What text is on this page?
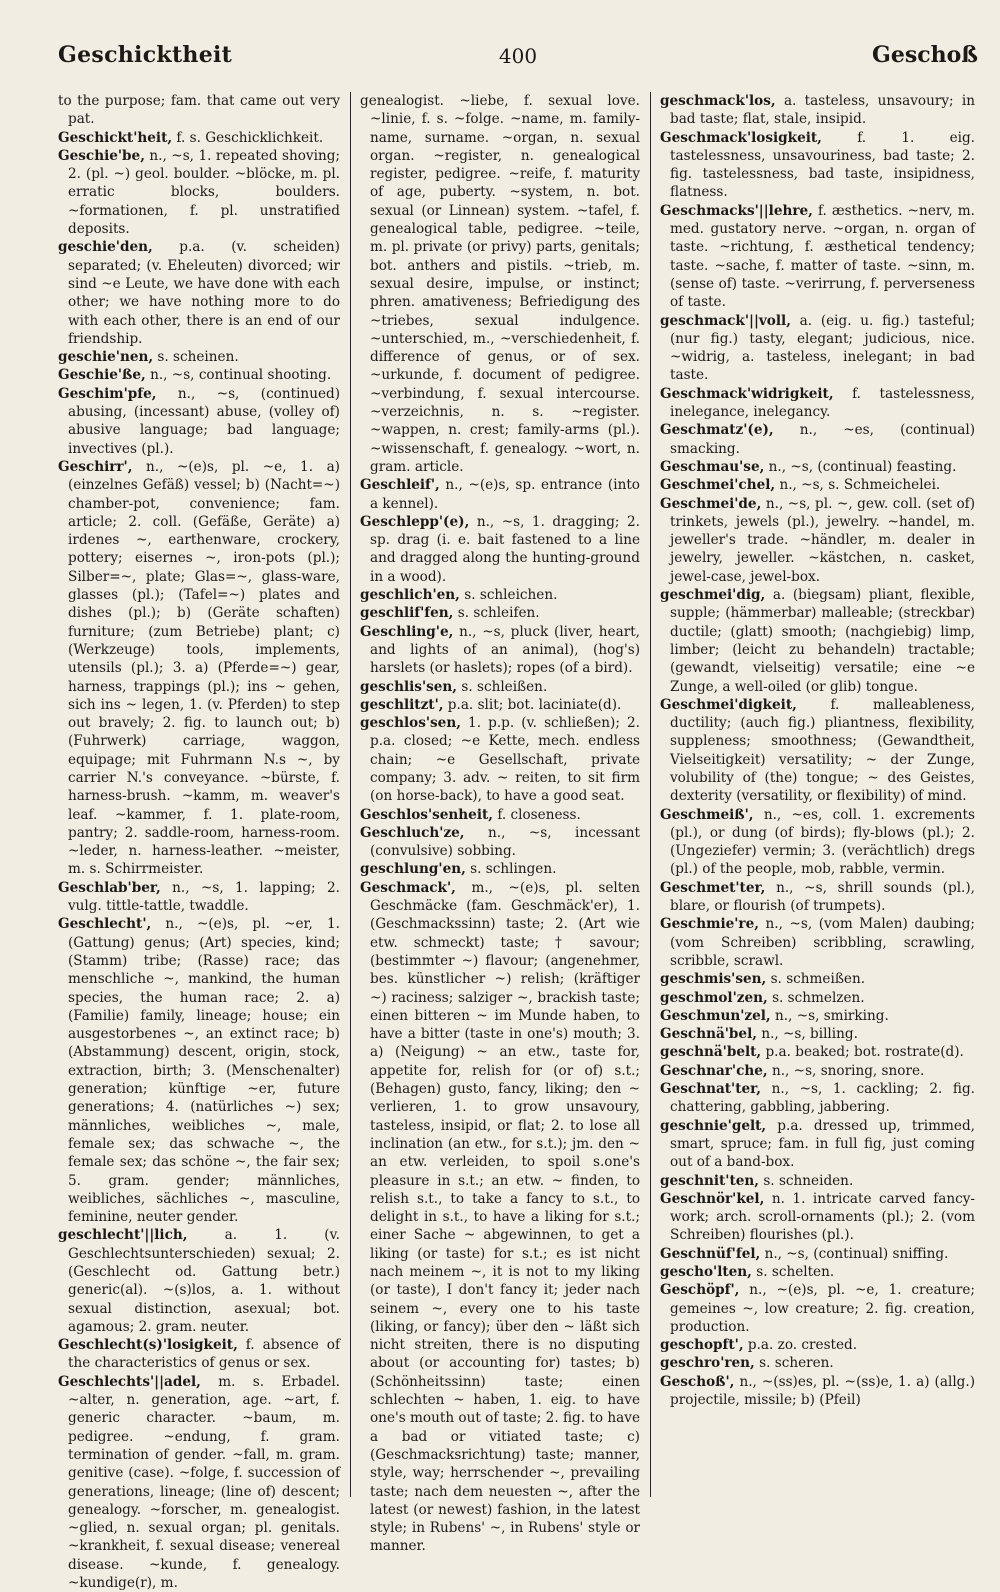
Geschicktheit	400	Geschoß

to the purpose; fam. that came out very pat.

Geschickt'heit, f. s. Geschicklichkeit.

Geschie'be, n., ~s, 1. repeated shoving; 2. (pl. ~) geol. boulder. ~blöcke, m. pl. erratic blocks, boulders. ~formationen, f. pl. unstratified deposits.

geschie'den, p.a. (v. scheiden) separated; (v. Eheleuten) divorced; wir sind ~e Leute, we have done with each other; we have nothing more to do with each other, there is an end of our friendship.

geschie'nen, s. scheinen.

Geschie'ße, n., ~s, continual shooting.

Geschim'pfe, n., ~s, (continued) abusing, (incessant) abuse, (volley of) abusive language; bad language; invectives (pl.).

Geschirr', n., ~(e)s, pl. ~e, 1. a) (einzelnes Gefäß) vessel; b) (Nacht=~) chamber-pot, convenience; fam. article; 2. coll. (Gefäße, Geräte) a) irdenes ~, earthenware, crockery, pottery; eisernes ~, iron-pots (pl.); Silber=~, plate; Glas=~, glass-ware, glasses (pl.); (Tafel=~) plates and dishes (pl.); b) (Geräte schaften) furniture; (zum Betriebe) plant; c) (Werkzeuge) tools, implements, utensils (pl.); 3. a) (Pferde=~) gear, harness, trappings (pl.); ins ~ gehen, sich ins ~ legen, 1. (v. Pferden) to step out bravely; 2. fig. to launch out; b) (Fuhrwerk) carriage, waggon, equipage; mit Fuhrmann N.s ~, by carrier N.'s conveyance. ~bürste, f. harness-brush. ~kamm, m. weaver's leaf. ~kammer, f. 1. plate-room, pantry; 2. saddle-room, harness-room. ~leder, n. harness-leather. ~meister, m. s. Schirrmeister.

Geschlab'ber, n., ~s, 1. lapping; 2. vulg. tittle-tattle, twaddle.

Geschlecht', n., ~(e)s, pl. ~er, 1. (Gattung) genus; (Art) species, kind; (Stamm) tribe; (Rasse) race; das menschliche ~, mankind, the human species, the human race; 2. a) (Familie) family, lineage; house; ein ausgestorbenes ~, an extinct race; b) (Abstammung) descent, origin, stock, extraction, birth; 3. (Menschenalter) generation; künftige ~er, future generations; 4. (natürliches ~) sex; männliches, weibliches ~, male, female sex; das schwache ~, the female sex; das schöne ~, the fair sex; 5. gram. gender; männliches, weibliches, sächliches ~, masculine, feminine, neuter gender.

geschlecht'||lich,	a. 1. (v. Geschlechtsunterschieden) sexual; 2. (Geschlecht od. Gattung betr.) generic(al). ~(s)los, a. 1. without sexual distinction, asexual; bot. agamous; 2. gram. neuter.

Geschlecht(s)'losigkeit, f. absence of the characteristics of genus or sex.

Geschlechts'||adel, m. s. Erbadel. ~alter, n. generation, age. ~art, f. generic character. ~baum, m. pedigree. ~endung, f. gram. termination of gender. ~fall, m. gram. genitive (case). ~folge, f. succession of generations, lineage; (line of) descent; genealogy. ~forscher, m. genealogist. ~glied, n. sexual organ; pl. genitals. ~krankheit, f. sexual disease; venereal disease. ~kunde, f. genealogy. ~kundige(r), m.

genealogist. ~liebe, f. sexual love. ~linie, f. s. ~folge. ~name, m. family-name, surname. ~organ, n. sexual organ. ~register, n. genealogical register, pedigree. ~reife, f. maturity of age, puberty. ~system, n. bot. sexual (or Linnean) system. ~tafel, f. genealogical table, pedigree. ~teile, m. pl. private (or privy) parts, genitals; bot. anthers and pistils. ~trieb, m. sexual desire, impulse, or instinct; phren. amativeness; Befriedigung des ~triebes, sexual indulgence. ~unterschied, m., ~verschiedenheit, f. difference of genus, or of sex. ~urkunde, f. document of pedigree. ~verbindung, f. sexual intercourse. ~verzeichnis, n. s. ~register. ~wappen, n. crest; family-arms (pl.). ~wissenschaft, f. genealogy. ~wort, n. gram. article.

Geschleif', n., ~(e)s, sp. entrance (into a kennel).

Geschlepp'(e), n., ~s, 1. dragging; 2. sp. drag (i. e. bait fastened to a line and dragged along the hunting-ground in a wood).

geschlich'en, s. schleichen.

geschlif'fen, s. schleifen.

Geschling'e, n., ~s, pluck (liver, heart, and lights of an animal), (hog's) harslets (or haslets); ropes (of a bird).

geschlis'sen, s. schleißen.

geschlitzt', p.a. slit; bot. laciniate(d).

geschlos'sen, 1. p.p. (v. schließen); 2. p.a. closed; ~e Kette, mech. endless chain; ~e Gesellschaft, private company; 3. adv. ~ reiten, to sit firm (on horse-back), to have a good seat.

Geschlos'senheit, f. closeness.

Geschluch'ze, n., ~s, incessant (convulsive) sobbing.

geschlung'en, s. schlingen.

Geschmack', m., ~(e)s, pl. selten Geschmäcke (fam. Geschmäck'er), 1. (Geschmackssinn) taste; 2. (Art wie etw. schmeckt) taste; † savour; (bestimmter ~) flavour; (angenehmer, bes. künstlicher ~) relish; (kräftiger ~) raciness; salziger ~, brackish taste; einen bitteren ~ im Munde haben, to have a bitter (taste in one's) mouth; 3. a) (Neigung) ~ an etw., taste for, appetite for, relish for (or of) s.t.; (Behagen) gusto, fancy, liking; den ~ verlieren, 1. to grow unsavoury, tasteless, insipid, or flat; 2. to lose all inclination (an etw., for s.t.); jm. den ~ an etw. verleiden, to spoil s.one's pleasure in s.t.; an etw. ~ finden, to relish s.t., to take a fancy to s.t., to delight in s.t., to have a liking for s.t.; einer Sache ~ abgewinnen, to get a liking (or taste) for s.t.; es ist nicht nach meinem ~, it is not to my liking (or taste), I don't fancy it; jeder nach seinem ~, every one to his taste (liking, or fancy); über den ~ läßt sich nicht streiten, there is no disputing about (or accounting for) tastes; b) (Schönheitssinn) taste; einen schlechten ~ haben, 1. eig. to have one's mouth out of taste; 2. fig. to have a bad or vitiated taste; c) (Geschmacksrichtung) taste; manner, style, way; herrschender ~, prevailing taste; nach dem neuesten ~, after the latest (or newest) fashion, in the latest style; in Rubens' ~, in Rubens' style or manner.

geschmack'los, a. tasteless, unsavoury; in bad taste; flat, stale, insipid.

Geschmack'losigkeit,	f. 1. eig. tastelessness, unsavouriness, bad taste; 2. fig. tastelessness, bad taste, insipidness, flatness.

Geschmacks'||lehre, f. æsthetics. ~nerv, m. med. gustatory nerve. ~organ, n. organ of taste. ~richtung, f. æsthetical tendency; taste. ~sache, f. matter of taste. ~sinn, m. (sense of) taste. ~verirrung, f. perverseness of taste.

geschmack'||voll, a. (eig. u. fig.) tasteful; (nur fig.) tasty, elegant; judicious, nice. ~widrig, a. tasteless, inelegant; in bad taste.

Geschmack'widrigkeit, f. tastelessness, inelegance, inelegancy.

Geschmatz'(e), n., ~es, (continual) smacking.

Geschmau'se, n., ~s, (continual) feasting.

Geschmei'chel, n., ~s, s. Schmeichelei.

Geschmei'de, n., ~s, pl. ~, gew. coll. (set of) trinkets, jewels (pl.), jewelry. ~handel, m. jeweller's trade. ~händler, m. dealer in jewelry, jeweller. ~kästchen, n. casket, jewel-case, jewel-box.

geschmei'dig, a. (biegsam) pliant, flexible, supple; (hämmerbar) malleable; (streckbar) ductile; (glatt) smooth; (nachgiebig) limp, limber; (leicht zu behandeln) tractable; (gewandt, vielseitig) versatile; eine ~e Zunge, a well-oiled (or glib) tongue.

Geschmei'digkeit, f. malleableness, ductility; (auch fig.) pliantness, flexibility, suppleness; smoothness; (Gewandtheit, Vielseitigkeit) versatility; ~ der Zunge, volubility of (the) tongue; ~ des Geistes, dexterity (versatility, or flexibility) of mind.

Geschmeiß', n., ~es, coll. 1. excrements (pl.), or dung (of birds); fly-blows (pl.); 2. (Ungeziefer) vermin; 3. (verächtlich) dregs (pl.) of the people, mob, rabble, vermin.

Geschmet'ter, n., ~s, shrill sounds (pl.), blare, or flourish (of trumpets).

Geschmie're, n., ~s, (vom Malen) daubing; (vom Schreiben) scribbling, scrawling, scribble, scrawl.

geschmis'sen, s. schmeißen.

geschmol'zen, s. schmelzen.

Geschmun'zel, n., ~s, smirking.

Geschnä'bel, n., ~s, billing.

geschnä'belt, p.a. beaked; bot. rostrate(d).

Geschnar'che, n., ~s, snoring, snore.

Geschnat'ter, n., ~s, 1. cackling; 2. fig. chattering, gabbling, jabbering.

geschnie'gelt, p.a. dressed up, trimmed, smart, spruce; fam. in full fig, just coming out of a band-box.

geschnit'ten, s. schneiden.

Geschnör'kel, n. 1. intricate carved fancy-work; arch. scroll-ornaments (pl.); 2. (vom Schreiben) flourishes (pl.).

Geschnüf'fel, n., ~s, (continual) sniffing.

gescho'lten, s. schelten.

Geschöpf', n., ~(e)s, pl. ~e, 1. creature; gemeines ~, low creature; 2. fig. creation, production.

geschopft', p.a. zo. crested.

geschro'ren, s. scheren.

Geschoß', n., ~(ss)es, pl. ~(ss)e, 1. a) (allg.) projectile, missile; b) (Pfeil)
